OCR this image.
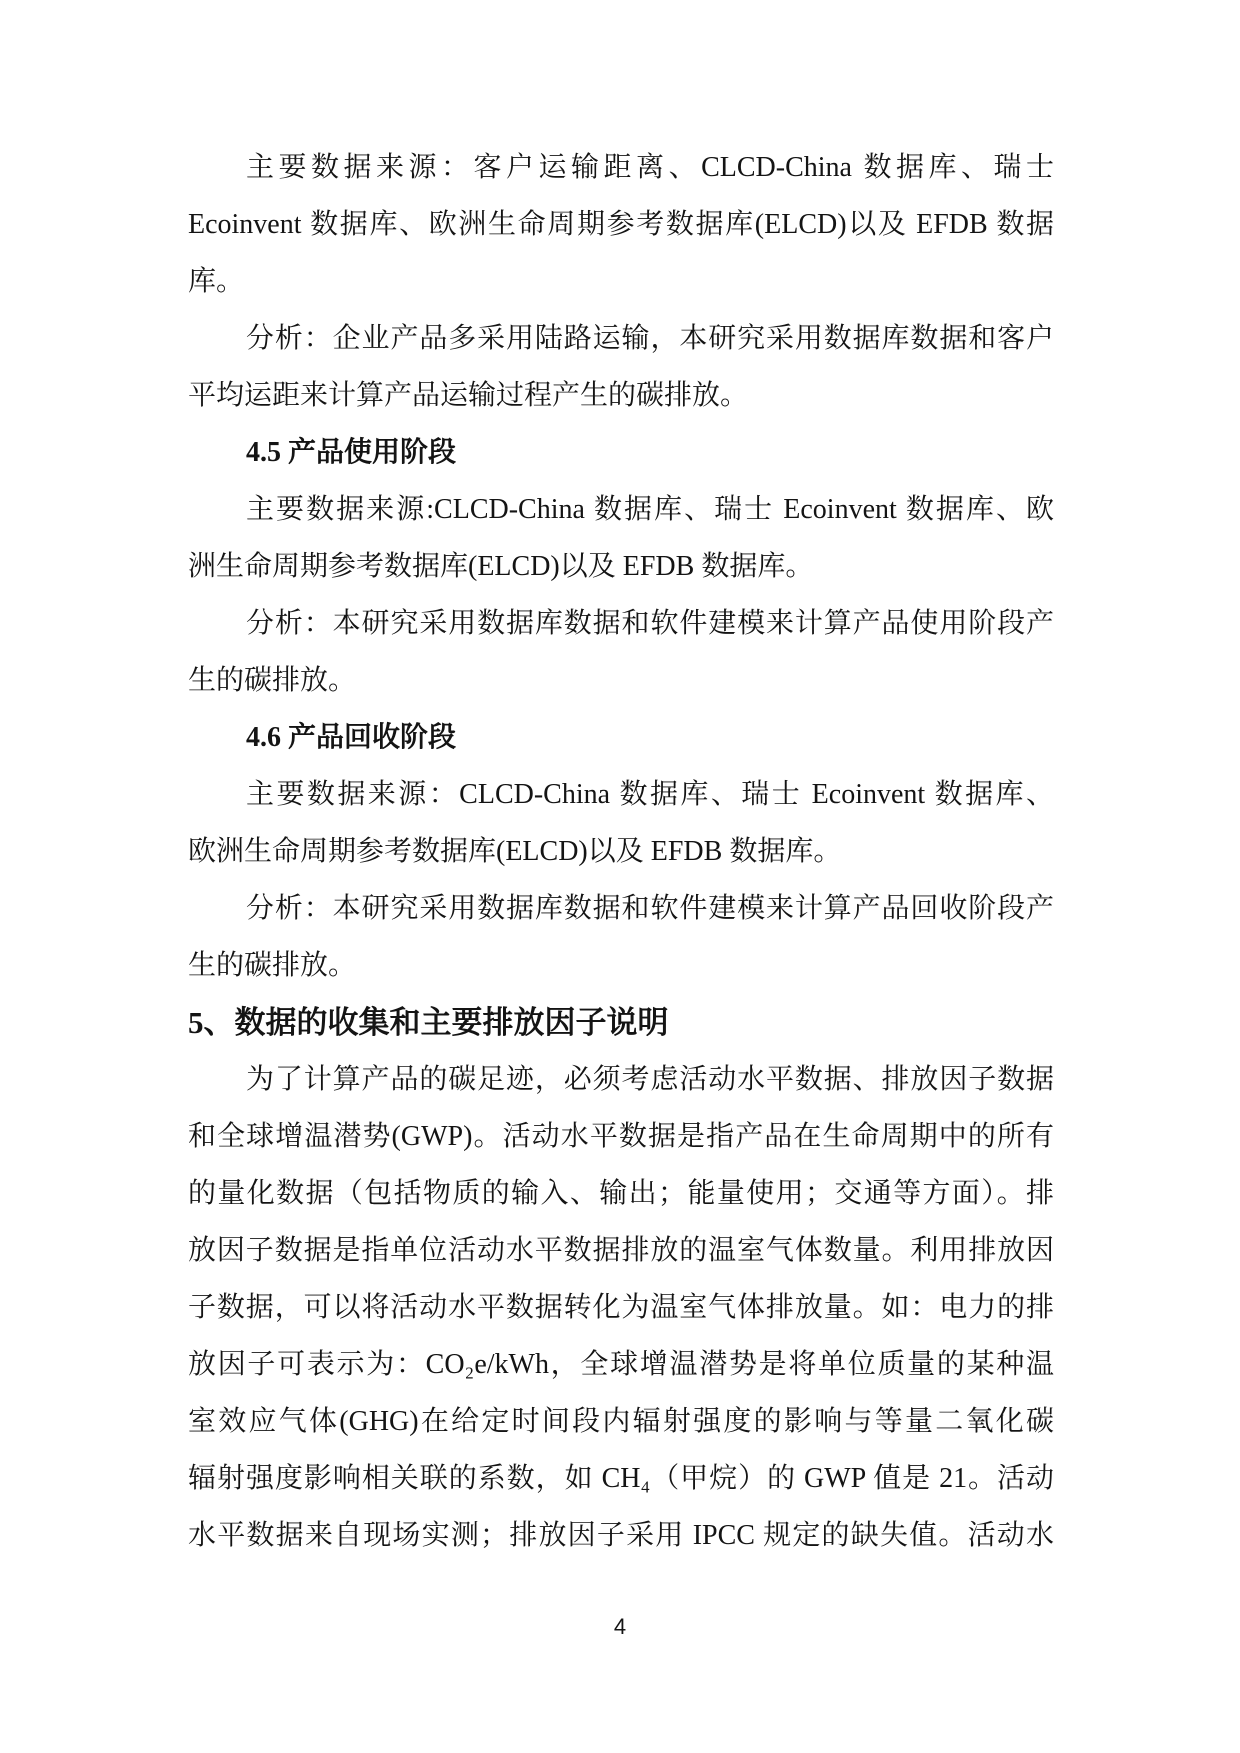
主要数据来源：客户运输距离、CLCD-China 数据库、瑞士
Ecoinvent 数据库、欧洲生命周期参考数据库(ELCD)以及 EFDB 数据
库。
分析：企业产品多采用陆路运输，本研究采用数据库数据和客户
平均运距来计算产品运输过程产生的碳排放。
4.5 产品使用阶段
主要数据来源:CLCD-China 数据库、瑞士 Ecoinvent 数据库、欧
洲生命周期参考数据库(ELCD)以及 EFDB 数据库。
分析：本研究采用数据库数据和软件建模来计算产品使用阶段产
生的碳排放。
4.6 产品回收阶段
主要数据来源：CLCD-China 数据库、瑞士 Ecoinvent 数据库、
欧洲生命周期参考数据库(ELCD)以及 EFDB 数据库。
分析：本研究采用数据库数据和软件建模来计算产品回收阶段产
生的碳排放。
5、数据的收集和主要排放因子说明
为了计算产品的碳足迹，必须考虑活动水平数据、排放因子数据
和全球增温潜势(GWP)。活动水平数据是指产品在生命周期中的所有
的量化数据（包括物质的输入、输出；能量使用；交通等方面）。排
放因子数据是指单位活动水平数据排放的温室气体数量。利用排放因
子数据，可以将活动水平数据转化为温室气体排放量。如：电力的排
放因子可表示为：CO₂e/kWh，全球增温潜势是将单位质量的某种温
室效应气体(GHG)在给定时间段内辐射强度的影响与等量二氧化碳
辐射强度影响相关联的系数，如 CH₄（甲烷）的 GWP 值是 21。活动
水平数据来自现场实测；排放因子采用 IPCC 规定的缺失值。活动水
4
